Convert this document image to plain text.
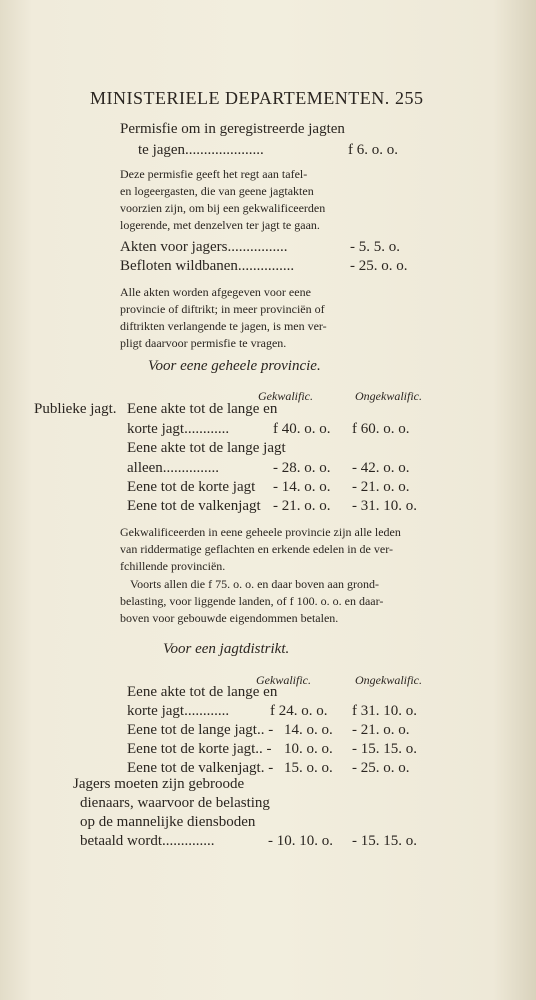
MINISTERIELE DEPARTEMENTEN. 255
Permisfie om in geregistreerde jagten
te jagen.....................	f 6. o. o.
Deze permisfie geeft het regt aan tafel-
en logeergasten, die van geene jagtakten
voorzien zijn, om bij een gekwalificeerden
logerende, met denzelven ter jagt te gaan.
Akten voor jagers................	- 5. 5. o.
Befloten wildbanen...............	- 25. o. o.
Alle akten worden afgegeven voor eene
provincie of diftrikt; in meer provinciën of
diftrikten verlangende te jagen, is men ver-
pligt daarvoor permisfie te vragen.
Voor eene geheele provincie.
Gekwalific.	Ongekwalific.
Publieke jagt. Eene akte tot de lange en
korte jagt............	f 40. o. o. f 60. o. o.
Eene akte tot de lange jagt
alleen...............	- 28. o. o. - 42. o. o.
Eene tot de korte jagt - 14. o. o. - 21. o. o.
Eene tot de valkenjagt - 21. o. o. - 31. 10. o.
Gekwalificeerden in eene geheele provincie zijn alle leden
van riddermatige geflachten en erkende edelen in de ver-
fchillende provinciën.
Voorts allen die f 75. o. o. en daar boven aan grond-
belasting, voor liggende landen, of f 100. o. o. en daar-
boven voor gebouwde eigendommen betalen.
Voor een jagtdistrikt.
Gekwalific.	Ongekwalific.
Eene akte tot de lange en
korte jagt............	f 24. o. o. f 31. 10. o.
Eene tot de lange jagt.. - 14. o. o. - 21. o. o.
Eene tot de korte jagt.. - 10. o. o. - 15. 15. o.
Eene tot de valkenjagt. - 15. o. o. - 25. o. o.
Jagers moeten zijn gebroode
dienaars, waarvoor de belasting
op de mannelijke diensboden
betaald wordt..............	- 10. 10. o. - 15. 15. o.
